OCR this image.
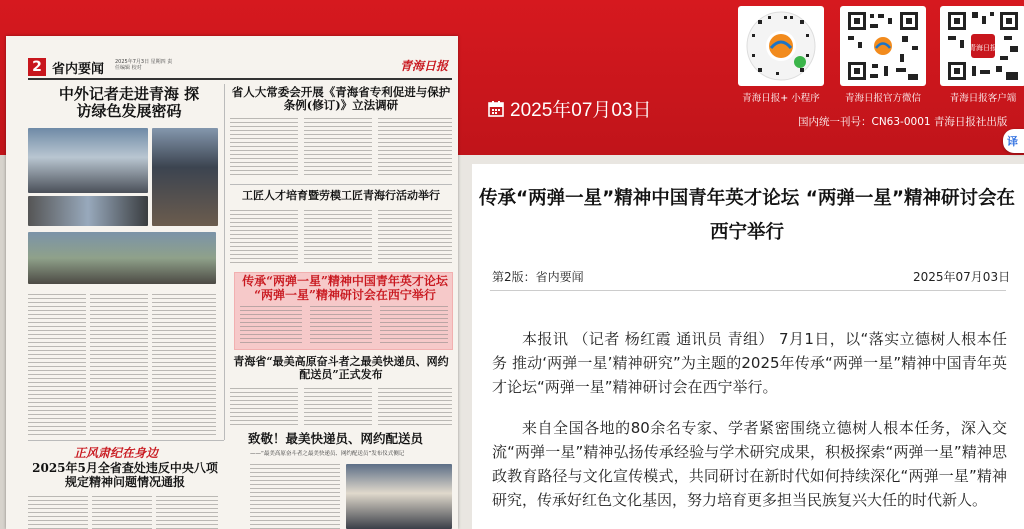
2 省内要闻 2025年7月3日 星期四 责任编辑 校对	青海日报
中外记者走进青海 探访绿色发展密码
省人大常委会开展《青海省专利促进与保护条例(修订)》立法调研
工匠人才培育暨劳模工匠青海行活动举行
传承“两弹一星”精神中国青年英才论坛 “两弹一星”精神研讨会在西宁举行
青海省“最美高原奋斗者之最美快递员、网约配送员”正式发布
正风肃纪在身边
2025年5月全省查处违反中央八项规定精神问题情况通报
致敬！最美快递员、网约配送员
——“最美高原奋斗者之最美快递员、网约配送员”发布仪式侧记
2025年07月03日
青海日报+ 小程序	青海日报官方微信
青海日报
青海日报客户端
国内统一刊号：CN63-0001 青海日报社出版
译
传承“两弹一星”精神中国青年英才论坛 “两弹一星”精神研讨会在西宁举行
第2版：省内要闻	2025年07月03日

本报讯 （记者 杨红霞 通讯员 青组） 7月1日，以“落实立德树人根本任务 推动‘两弹一星’精神研究”为主题的2025年传承“两弹一星”精神中国青年英才论坛“两弹一星”精神研讨会在西宁举行。

来自全国各地的80余名专家、学者紧密围绕立德树人根本任务，深入交流“两弹一星”精神弘扬传承经验与学术研究成果，积极探索“两弹一星”精神思政教育路径与文化宣传模式，共同研讨在新时代如何持续深化“两弹一星”精神研究，传承好红色文化基因，努力培育更多担当民族复兴大任的时代新人。
